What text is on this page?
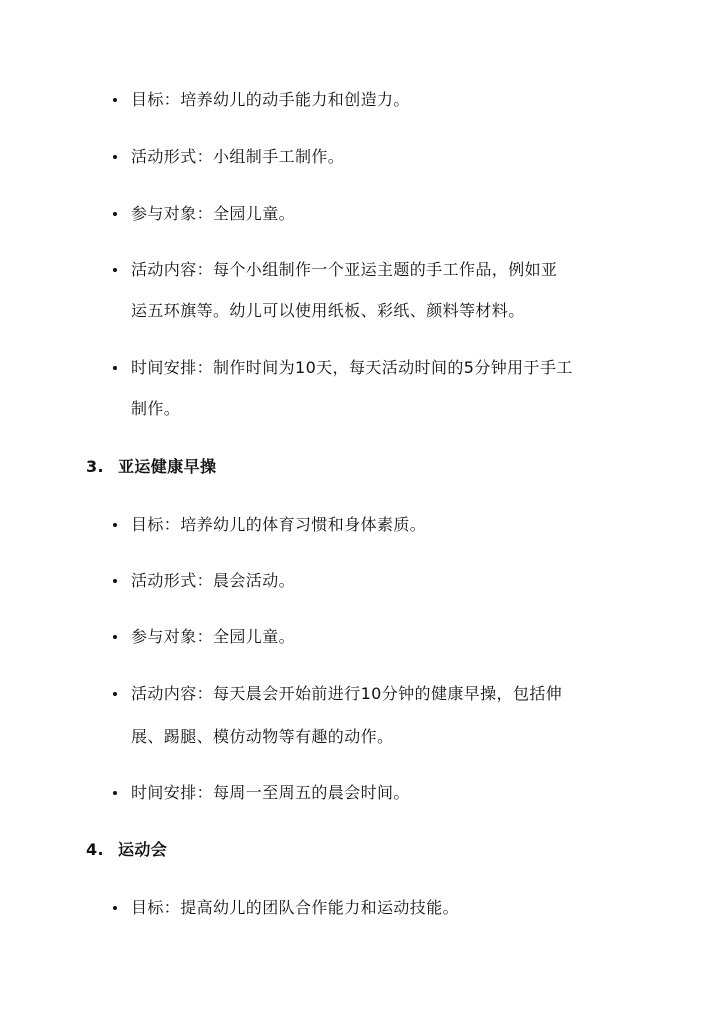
目标：培养幼儿的动手能力和创造力。
活动形式：小组制手工制作。
参与对象：全园儿童。
活动内容：每个小组制作一个亚运主题的手工作品，例如亚
运五环旗等。幼儿可以使用纸板、彩纸、颜料等材料。
时间安排：制作时间为10天，每天活动时间的5分钟用于手工
制作。
3. 亚运健康早操
目标：培养幼儿的体育习惯和身体素质。
活动形式：晨会活动。
参与对象：全园儿童。
活动内容：每天晨会开始前进行10分钟的健康早操，包括伸
展、踢腿、模仿动物等有趣的动作。
时间安排：每周一至周五的晨会时间。
4. 运动会
目标：提高幼儿的团队合作能力和运动技能。
